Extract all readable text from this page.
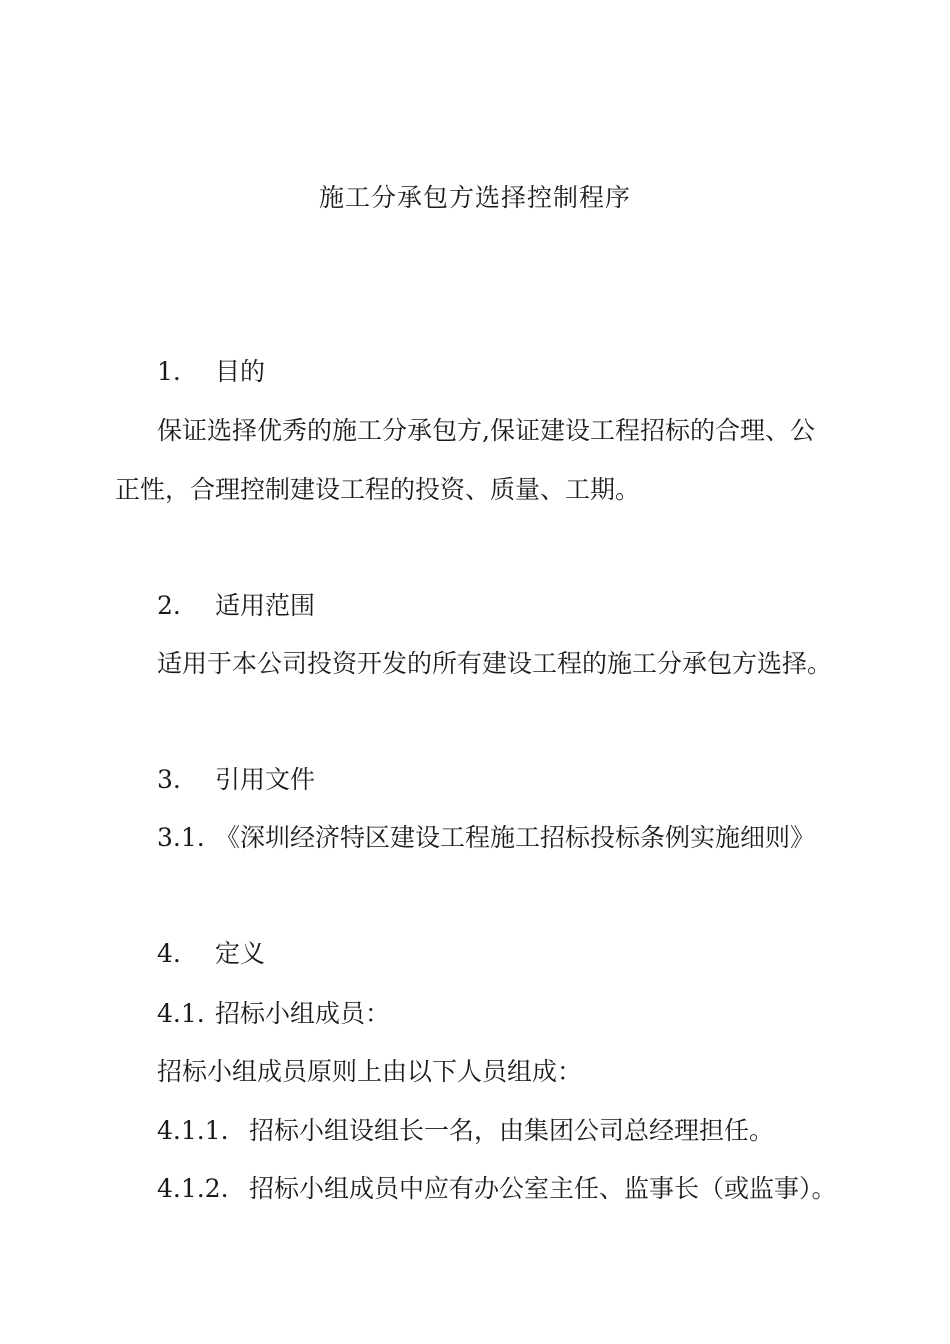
施工分承包方选择控制程序
1. 目的
保证选择优秀的施工分承包方,保证建设工程招标的合理、公
正性，合理控制建设工程的投资、质量、工期。
2. 适用范围
适用于本公司投资开发的所有建设工程的施工分承包方选择。
3. 引用文件
3.1. 《深圳经济特区建设工程施工招标投标条例实施细则》
4. 定义
4.1. 招标小组成员：
招标小组成员原则上由以下人员组成：
4.1.1. 招标小组设组长一名，由集团公司总经理担任。
4.1.2. 招标小组成员中应有办公室主任、监事长（或监事）。
